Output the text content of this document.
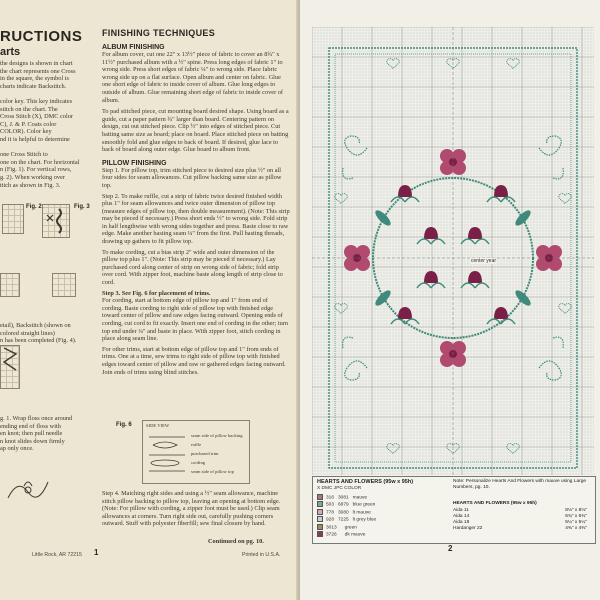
RUCTIONS
arts
the designs is shown in chart
the chart represents one Cross
in the square, the symbol is
charts indicate Backstitch.
color key. This key indicates
stitch on the chart. The
Cross Stitch (X), DMC color
C), J. & P. Coats color
COLOR). Color key
nd it is helpful to determine
one Cross Stitch to
one on the chart. For horizontal
n (Fig. 1). For vertical rows,
g. 2). When working over
titch as shown in Fig. 3.
Fig. 2	Fig. 3
etail), Backstitch (shown on
colored straight lines)
n has been completed (Fig. 4).
g. 1. Wrap floss once around
ending end of floss with
en knot; then pull needle
n knot slides down firmly
ap only once.
Little Rock, AR 72215 1
FINISHING TECHNIQUES
ALBUM FINISHING
For album cover, cut one 22" x 13½" piece of fabric to cover an 8¾" x 11½" purchased album with a ½" spine. Press long edges of fabric 1" to wrong side. Press short edges of fabric ¼" to wrong side. Place fabric wrong side up on a flat surface. Open album and center on fabric. Glue one short edge of fabric to inside cover of album. Glue long edges to outside of album. Glue remaining short edge of fabric to inside cover of album.
To pad stitched piece, cut mounting board desired shape. Using board as a guide, cut a paper pattern ¾" larger than board. Centering pattern on design, cut out stitched piece. Clip ½" into edges of stitched piece. Cut batting same size as board; place on board. Place stitched piece on batting smoothly fold and glue edges to back of board. If desired, glue lace to back of board along outer edge. Glue board to album front.
PILLOW FINISHING
Step 1. For pillow top, trim stitched piece to desired size plus ½" on all four sides for seam allowances. Cut pillow backing same size as pillow top.
Step 2. To make ruffle, cut a strip of fabric twice desired finished width plus 1" for seam allowances and twice outer dimension of pillow top (measure edges of pillow top, then double measurement). (Note: This strip may be pieced if necessary.) Press short ends ½" to wrong side. Fold strip in half lengthwise with wrong sides together and press. Baste close to raw edge. Make another basting seam ¼" from the first. Pull basting threads, drawing up gathers to fit pillow top.
To make cording, cut a bias strip 2" wide and outer dimension of the pillow top plus 1". (Note: This strip may be pieced if necessary.) Lay purchased cord along center of strip on wrong side of fabric; fold strip over cord. With zipper foot, machine baste along length of strip close to cord.
Step 3. See Fig. 6 for placement of trims.
For cording, start at bottom edge of pillow top and 1" from end of cording. Baste cording to right side of pillow top with finished edge toward center of pillow and raw edges facing outward. Opening ends of cording, cut cord to fit exactly. Insert one end of cording in the other; turn top end under ¼" and baste in place. With zipper foot, stitch cording in place along seam line.
For other trims, start at bottom edge of pillow top and 1" from ends of trims. One at a time, sew trims to right side of pillow top with finished edges toward center of pillow and raw or gathered edges facing outward. Join ends of trims using blind stitches.
Fig. 6	SIDE VIEW
seam side of pillow backing
ruffle
purchased trim
cording
seam side of pillow top
Step 4. Matching right sides and using a ½" seam allowance, machine stitch pillow backing to pillow top, leaving an opening at bottom edge. (Note: For pillow with cording, a zipper foot must be used.) Clip seam allowances at corners. Turn right side out, carefully pushing corners outward. Stuff with polyester fiberfill; sew final closure by hand.
Continued on pg. 10.
Printed in U.S.A.
center year
HEARTS AND FLOWERS (95w x 95h)
X DMC JPC COLOR
316   3081   mauve
503   6879   blue green
778   3080   lt mauve
928   7225   lt grey blue
3013      green
3726      dk mauve
Note: Personalize Hearts And Flowers with mauve using Large Numbers, pg. 10.
HEARTS AND FLOWERS (95w x 95h)
Aida 11	8⅛" x 8⅛"
Aida 14	6¾" x 6¾"
Aida 18	5¼" x 5¼"
Hardanger 22	4⅜" x 4⅜"
2
